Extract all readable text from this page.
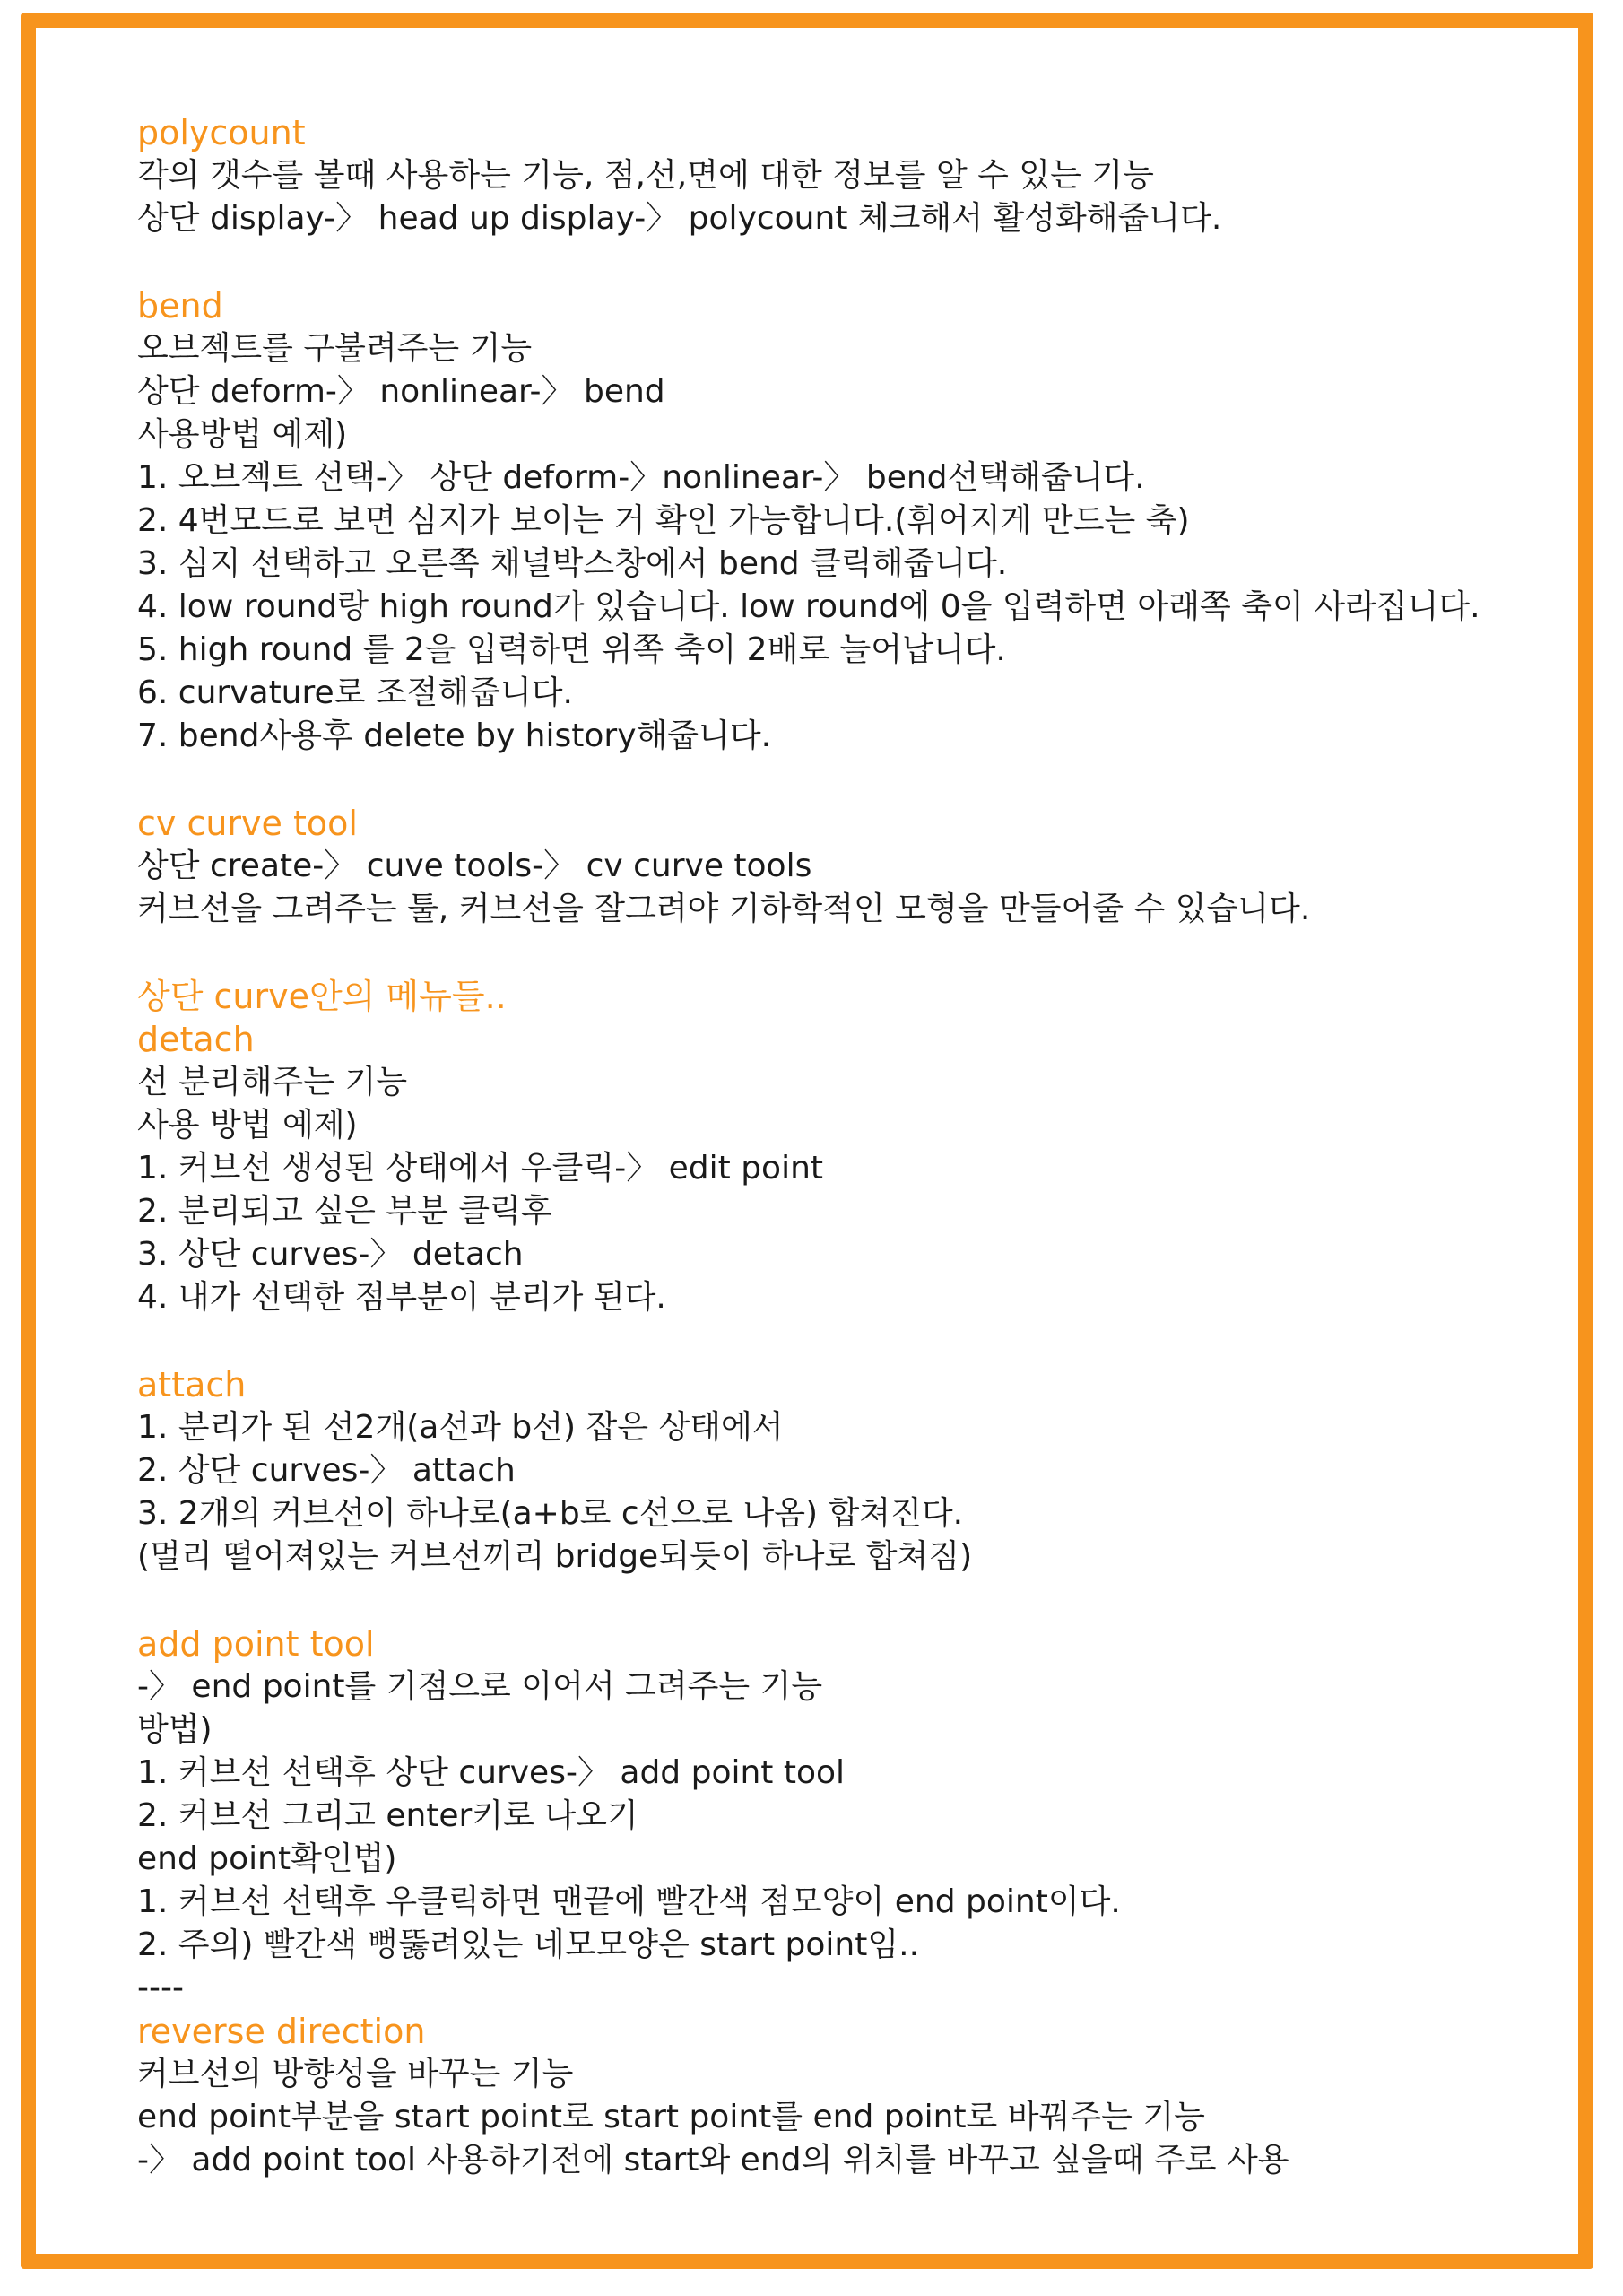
polycount
각의 갯수를 볼때 사용하는 기능, 점,선,면에 대한 정보를 알 수 있는 기능
상단 display-〉 head up display-〉 polycount 체크해서 활성화해줍니다.
bend
오브젝트를 구불려주는 기능
상단 deform-〉 nonlinear-〉 bend
사용방법 예제)
1. 오브젝트 선택-〉 상단 deform-〉nonlinear-〉 bend선택해줍니다.
2. 4번모드로 보면 심지가 보이는 거 확인 가능합니다.(휘어지게 만드는 축)
3. 심지 선택하고 오른쪽 채널박스창에서 bend 클릭해줍니다.
4. low round랑 high round가 있습니다. low round에 0을 입력하면 아래쪽 축이 사라집니다.
5. high round 를 2을 입력하면 위쪽 축이 2배로 늘어납니다.
6. curvature로 조절해줍니다.
7. bend사용후 delete by history해줍니다.
cv curve tool
상단 create-〉 cuve tools-〉 cv curve tools
커브선을 그려주는 툴, 커브선을 잘그려야 기하학적인 모형을 만들어줄 수 있습니다.
상단 curve안의 메뉴들..
detach
선 분리해주는 기능
사용 방법 예제)
1. 커브선 생성된 상태에서 우클릭-〉 edit point
2. 분리되고 싶은 부분 클릭후
3. 상단 curves-〉 detach
4. 내가 선택한 점부분이 분리가 된다.
attach
1. 분리가 된 선2개(a선과 b선) 잡은 상태에서
2. 상단 curves-〉 attach
3. 2개의 커브선이 하나로(a+b로 c선으로 나옴) 합쳐진다.
(멀리 떨어져있는 커브선끼리 bridge되듯이 하나로 합쳐짐)
add point tool
-〉 end point를 기점으로 이어서 그려주는 기능
방법)
1. 커브선 선택후 상단 curves-〉 add point tool
2. 커브선 그리고 enter키로 나오기
end point확인법)
1. 커브선 선택후 우클릭하면 맨끝에 빨간색 점모양이 end point이다.
2. 주의) 빨간색 뻥뚫려있는 네모모양은 start point임..
----
reverse direction
커브선의 방향성을 바꾸는 기능
end point부분을 start point로 start point를 end point로 바꿔주는 기능
-〉 add point tool 사용하기전에 start와 end의 위치를 바꾸고 싶을때 주로 사용
